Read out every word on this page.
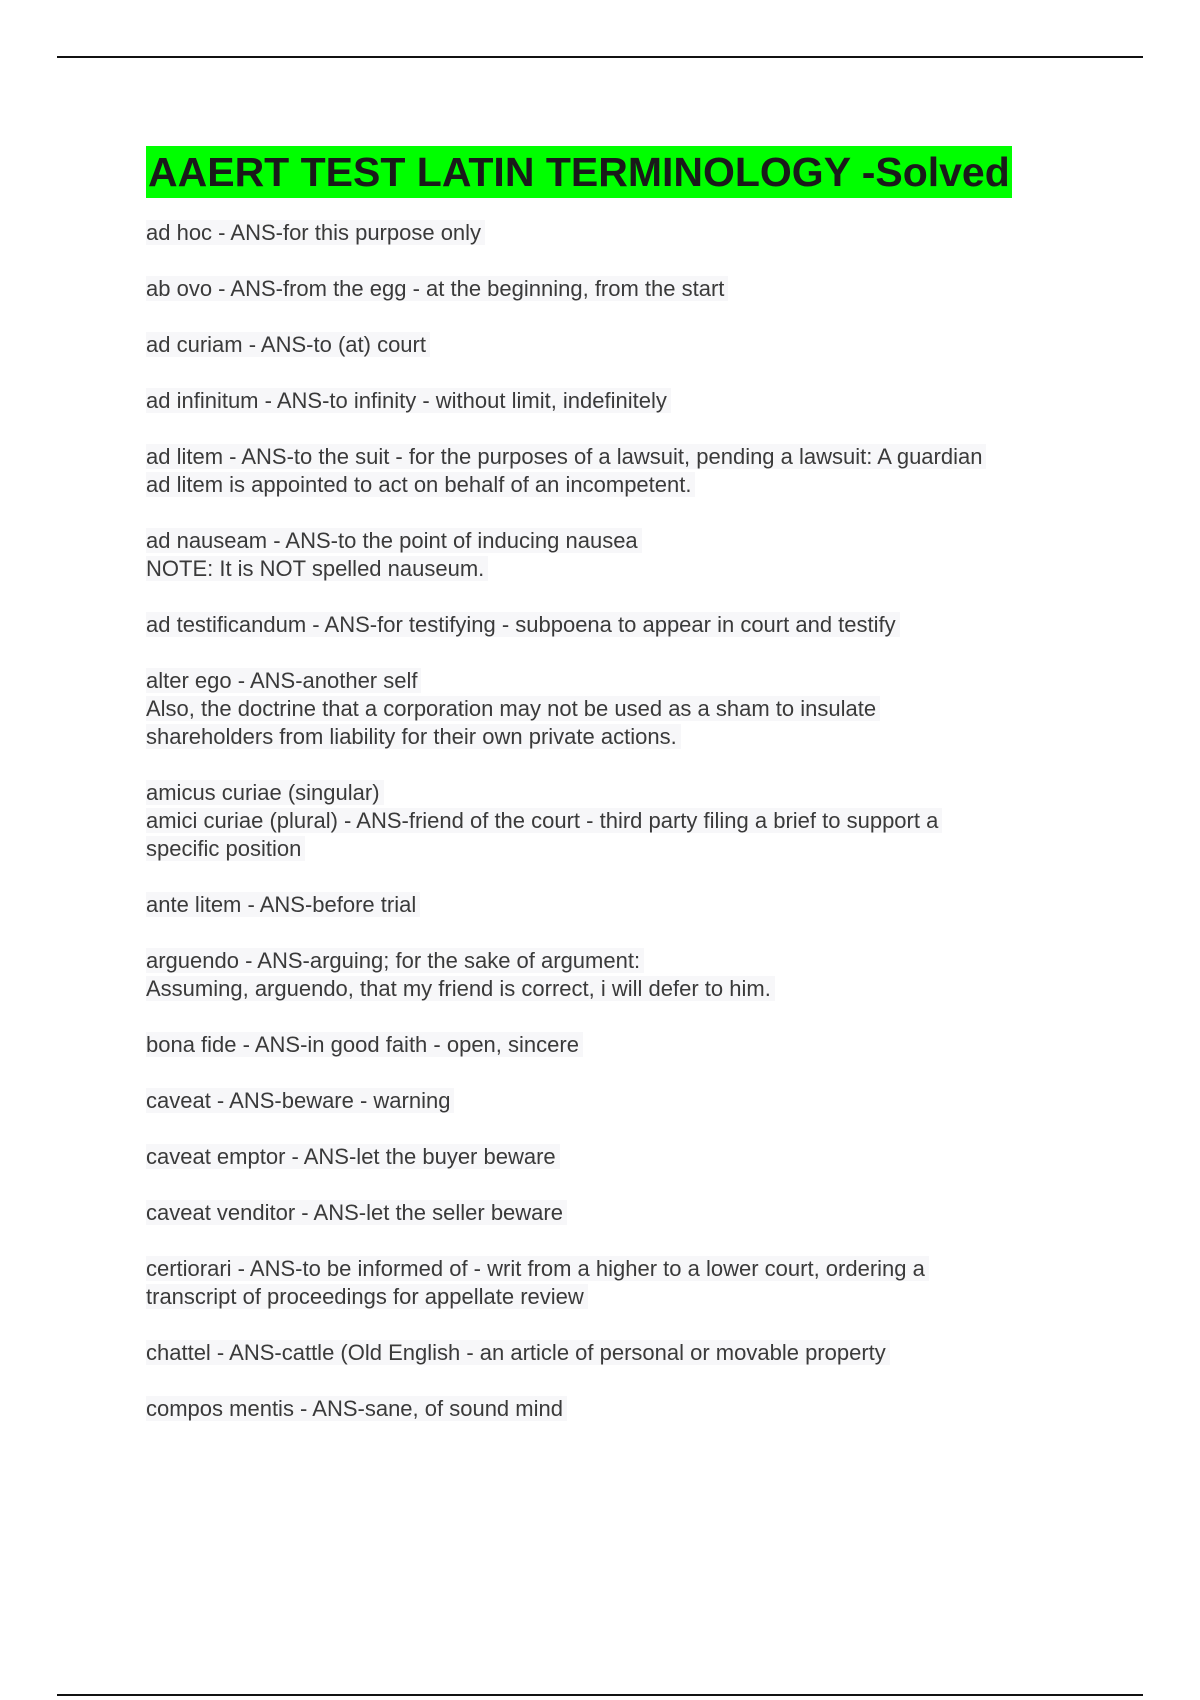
AAERT TEST LATIN TERMINOLOGY -Solved
ad hoc - ANS-for this purpose only
ab ovo - ANS-from the egg - at the beginning, from the start
ad curiam - ANS-to (at) court
ad infinitum - ANS-to infinity - without limit, indefinitely
ad litem - ANS-to the suit - for the purposes of a lawsuit, pending a lawsuit: A guardian
ad litem is appointed to act on behalf of an incompetent.
ad nauseam - ANS-to the point of inducing nausea
NOTE: It is NOT spelled nauseum.
ad testificandum - ANS-for testifying - subpoena to appear in court and testify
alter ego - ANS-another self
Also, the doctrine that a corporation may not be used as a sham to insulate
shareholders from liability for their own private actions.
amicus curiae (singular)
amici curiae (plural) - ANS-friend of the court - third party filing a brief to support a
specific position
ante litem - ANS-before trial
arguendo - ANS-arguing; for the sake of argument:
Assuming, arguendo, that my friend is correct, i will defer to him.
bona fide - ANS-in good faith - open, sincere
caveat - ANS-beware - warning
caveat emptor - ANS-let the buyer beware
caveat venditor - ANS-let the seller beware
certiorari - ANS-to be informed of - writ from a higher to a lower court, ordering a
transcript of proceedings for appellate review
chattel - ANS-cattle (Old English - an article of personal or movable property
compos mentis - ANS-sane, of sound mind
